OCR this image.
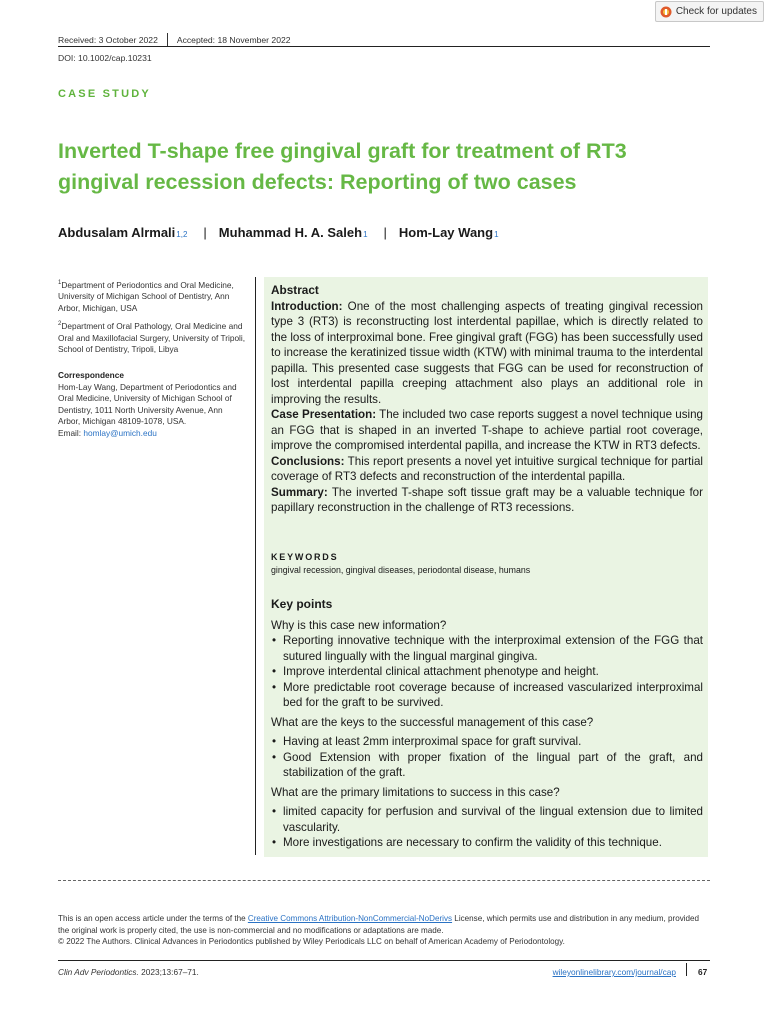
Check for updates
Received: 3 October 2022 Accepted: 18 November 2022
DOI: 10.1002/cap.10231
CASE STUDY
Inverted T-shape free gingival graft for treatment of RT3 gingival recession defects: Reporting of two cases
Abdusalam Alrmali 1,2 | Muhammad H. A. Saleh 1 | Hom-Lay Wang 1

$^1$Department of Periodontics and Oral Medicine, University of Michigan School of Dentistry, Ann Arbor, Michigan, USA

$^2$Department of Oral Pathology, Oral Medicine and Oral and Maxillofacial Surgery, University of Tripoli, School of Dentistry, Tripoli, Libya

Correspondence

Hom-Lay Wang, Department of Periodontics and Oral Medicine, University of Michigan School of Dentistry, 1011 North University Avenue, Ann Arbor, Michigan 48109-1078, USA.

Email: homlay@umich.edu

Abstract

Introduction: One of the most challenging aspects of treating gingival recession type 3 (RT3) is reconstructing lost interdental papillae, which is directly related to the loss of interproximal bone. Free gingival graft (FGG) has been successfully used to increase the keratinized tissue width (KTW) with minimal trauma to the interdental papilla. This presented case suggests that FGG can be used for reconstruction of lost interdental papilla creeping attachment also plays an additional role in improving the results.

Case Presentation: The included two case reports suggest a novel technique using an FGG that is shaped in an inverted T-shape to achieve partial root coverage, improve the compromised interdental papilla, and increase the KTW in RT3 defects.

Conclusions: This report presents a novel yet intuitive surgical technique for partial coverage of RT3 defects and reconstruction of the interdental papilla.

Summary: The inverted T-shape soft tissue graft may be a valuable technique for papillary reconstruction in the challenge of RT3 recessions.

KEYWORDS

gingival recession, gingival diseases, periodontal disease, humans

Key points

Why is this case new information?

• Reporting innovative technique with the interproximal extension of the FGG that sutured lingually with the lingual marginal gingiva.
• Improve interdental clinical attachment phenotype and height.
• More predictable root coverage because of increased vascularized interproximal bed for the graft to be survived.

What are the keys to the successful management of this case?

• Having at least 2mm interproximal space for graft survival.
• Good Extension with proper fixation of the lingual part of the graft, and stabilization of the graft.

What are the primary limitations to success in this case?

• limited capacity for perfusion and survival of the lingual extension due to limited vascularity.
• More investigations are necessary to confirm the validity of this technique.

This is an open access article under the terms of the Creative Commons Attribution-NonCommercial-NoDerivs License, which permits use and distribution in any medium, provided the original work is properly cited, the use is non-commercial and no modifications or adaptations are made.

© 2022 The Authors. Clinical Advances in Periodontics published by Wiley Periodicals LLC on behalf of American Academy of Periodontology.

Clin Adv Periodontics. 2023;13:67–71.	wileyonlinelibrary.com/journal/cap	67
